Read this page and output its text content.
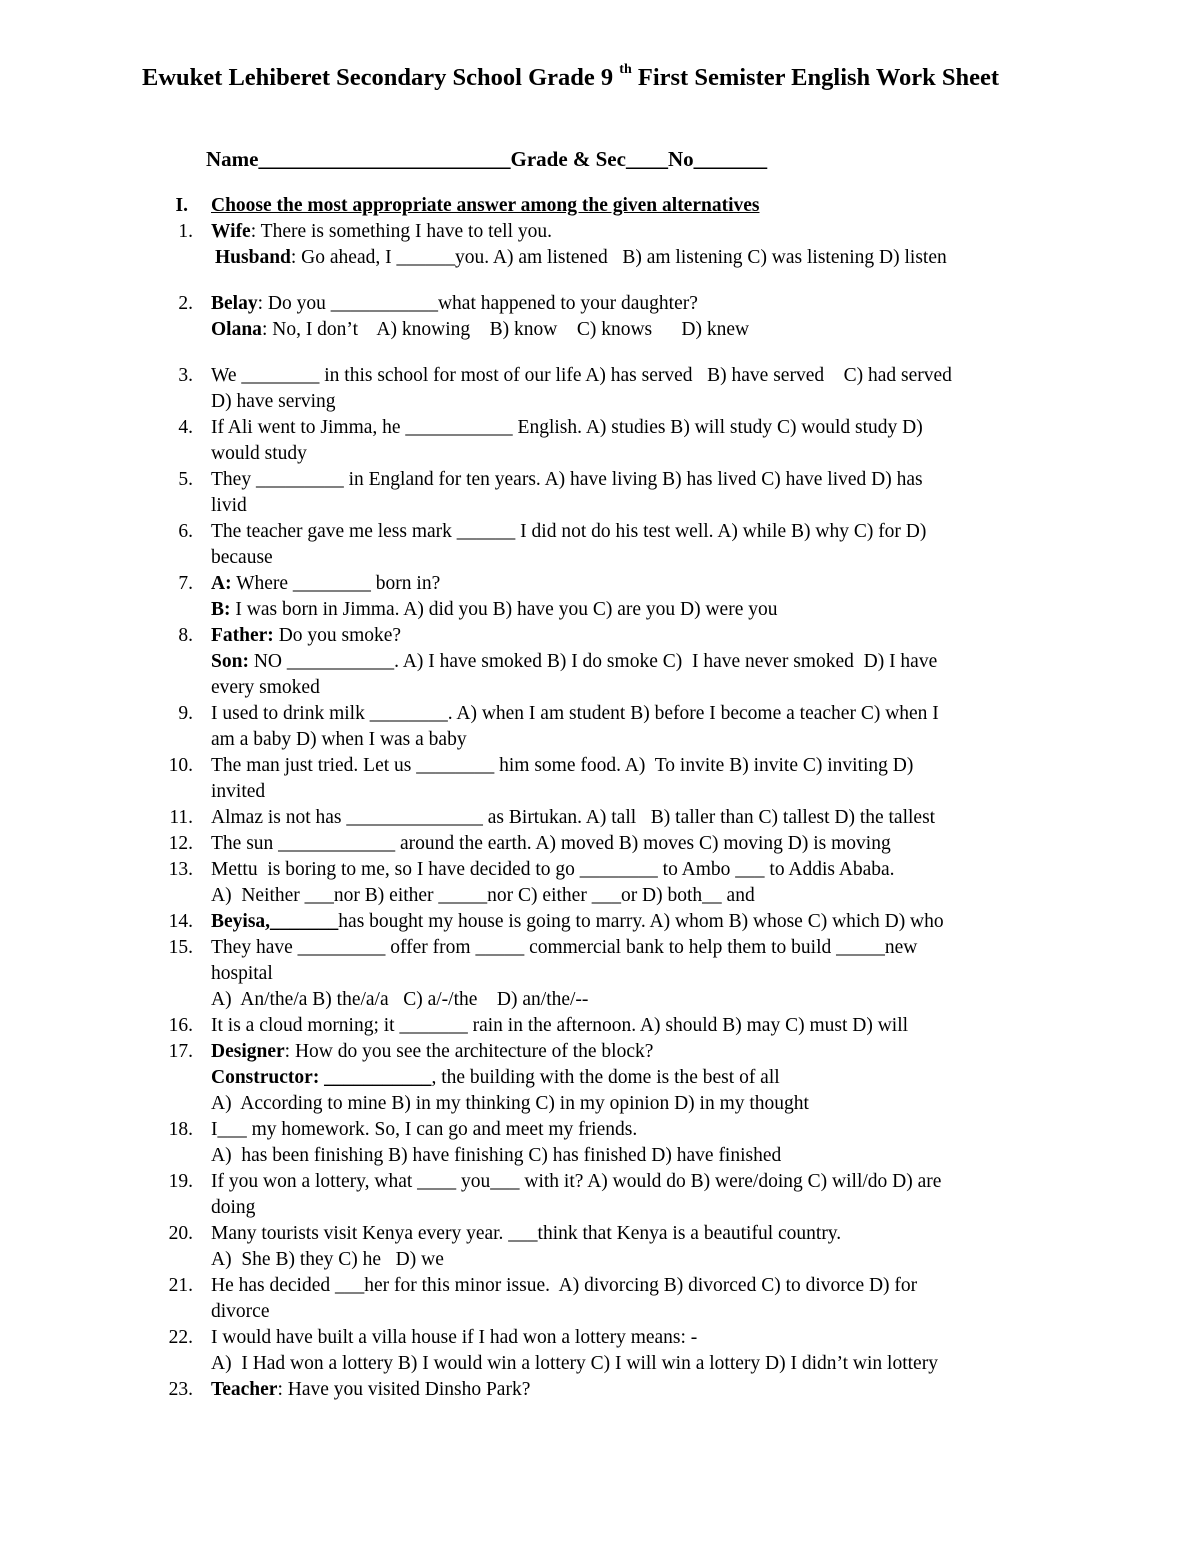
Ewuket Lehiberet Secondary School Grade 9 $^{th}$ First Semister English Work Sheet
Name________________________Grade & Sec____No_______
I. Choose the most appropriate answer among the given alternatives
1. Wife: There is something I have to tell you.
Husband: Go ahead, I ______you. A) am listened   B) am listening C) was listening D) listen
2. Belay: Do you ___________what happened to your daughter?
Olana: No, I don’t    A) knowing    B) know    C) knows      D) knew
3. We ________ in this school for most of our life A) has served   B) have served    C) had served
D) have serving
4. If Ali went to Jimma, he ___________ English. A) studies B) will study C) would study D)
would study
5. They _________ in England for ten years. A) have living B) has lived C) have lived D) has
livid
6. The teacher gave me less mark ______ I did not do his test well. A) while B) why C) for D)
because
7. A: Where ________ born in?
B: I was born in Jimma. A) did you B) have you C) are you D) were you
8. Father: Do you smoke?
Son: NO ___________. A) I have smoked B) I do smoke C)  I have never smoked  D) I have
every smoked
9. I used to drink milk ________. A) when I am student B) before I become a teacher C) when I
am a baby D) when I was a baby
10. The man just tried. Let us ________ him some food. A)  To invite B) invite C) inviting D)
invited
11. Almaz is not has ______________ as Birtukan. A) tall   B) taller than C) tallest D) the tallest
12. The sun ____________ around the earth. A) moved B) moves C) moving D) is moving
13. Mettu  is boring to me, so I have decided to go ________ to Ambo ___ to Addis Ababa.
A)  Neither ___nor B) either _____nor C) either ___or D) both__ and
14. Beyisa,_______has bought my house is going to marry. A) whom B) whose C) which D) who
15. They have _________ offer from _____ commercial bank to help them to build _____new
hospital
A)  An/the/a B) the/a/a   C) a/-/the    D) an/the/--
16. It is a cloud morning; it _______ rain in the afternoon. A) should B) may C) must D) will
17. Designer: How do you see the architecture of the block?
Constructor: ___________, the building with the dome is the best of all
A)  According to mine B) in my thinking C) in my opinion D) in my thought
18. I___ my homework. So, I can go and meet my friends.
A)  has been finishing B) have finishing C) has finished D) have finished
19. If you won a lottery, what ____ you___ with it? A) would do B) were/doing C) will/do D) are
doing
20. Many tourists visit Kenya every year. ___think that Kenya is a beautiful country.
A)  She B) they C) he   D) we
21. He has decided ___her for this minor issue.  A) divorcing B) divorced C) to divorce D) for
divorce
22. I would have built a villa house if I had won a lottery means: -
A)  I Had won a lottery B) I would win a lottery C) I will win a lottery D) I didn’t win lottery
23. Teacher: Have you visited Dinsho Park?
